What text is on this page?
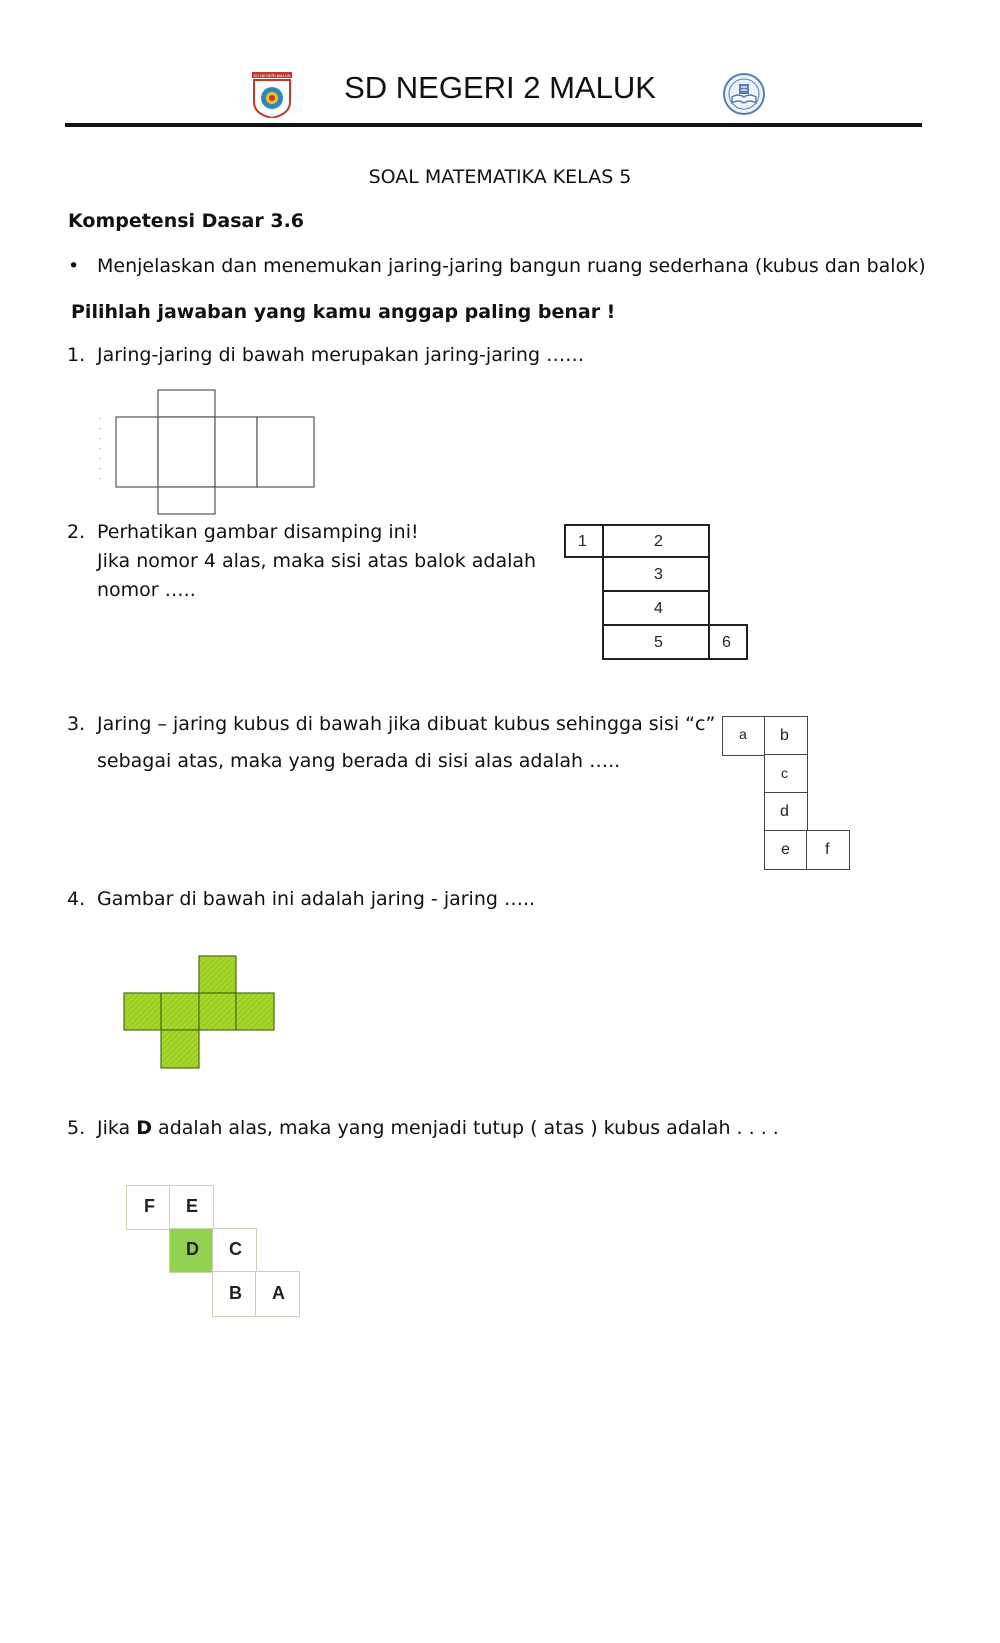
SD NEGERI MALUK	SD NEGERI 2 MALUK
SOAL MATEMATIKA KELAS 5
Kompetensi Dasar 3.6
• Menjelaskan dan menemukan jaring-jaring bangun ruang sederhana (kubus dan balok)
Pilihlah jawaban yang kamu anggap paling benar !
1. Jaring-jaring di bawah merupakan jaring-jaring ……
2. Perhatikan gambar disamping ini!
Jika nomor 4 alas, maka sisi atas balok adalah
nomor …..
1	2
3
4
5	6
3. Jaring – jaring kubus di bawah jika dibuat kubus sehingga sisi “c”
sebagai atas, maka yang berada di sisi alas adalah …..
a b
c
d
e f
4. Gambar di bawah ini adalah jaring - jaring …..
5. Jika D adalah alas, maka yang menjadi tutup ( atas ) kubus adalah . . . .
F E
D C
B A
